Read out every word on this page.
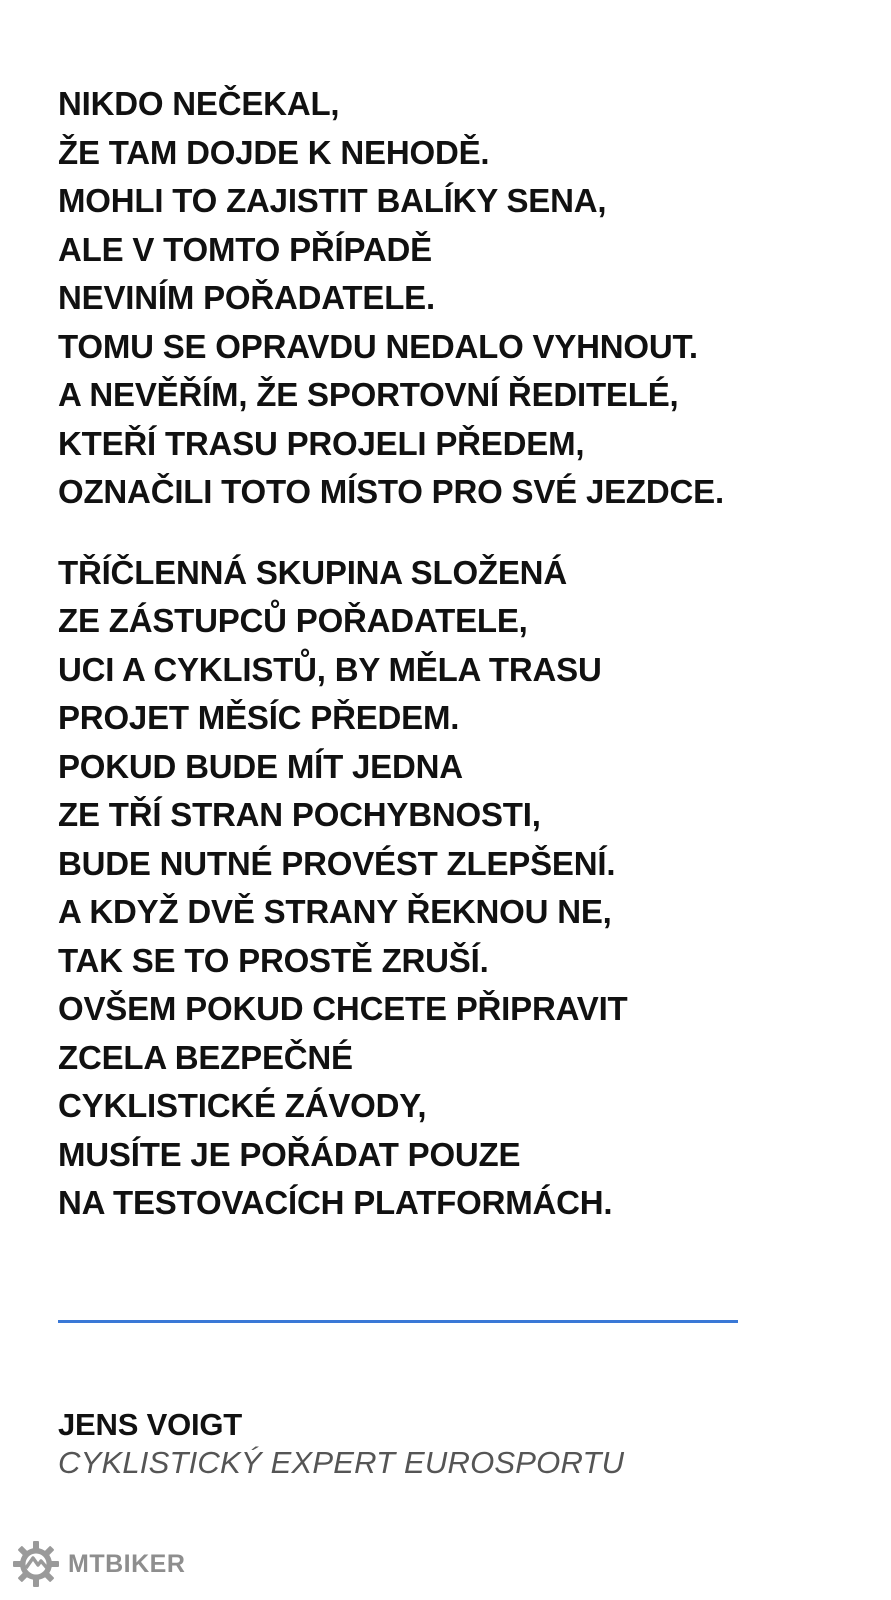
NIKDO NEČEKAL,
ŽE TAM DOJDE K NEHODĚ.
MOHLI TO ZAJISTIT BALÍKY SENA,
ALE V TOMTO PŘÍPADĚ
NEVINÍM POŘADATELE.
TOMU SE OPRAVDU NEDALO VYHNOUT.
A NEVĚŘÍM, ŽE SPORTOVNÍ ŘEDITELÉ,
KTEŘÍ TRASU PROJELI PŘEDEM,
OZNAČILI TOTO MÍSTO PRO SVÉ JEZDCE.

TŘÍČLENNÁ SKUPINA SLOŽENÁ
ZE ZÁSTUPCŮ POŘADATELE,
UCI A CYKLISTŮ, BY MĚLA TRASU
PROJET MĚSÍC PŘEDEM.
POKUD BUDE MÍT JEDNA
ZE TŘÍ STRAN POCHYBNOSTI,
BUDE NUTNÉ PROVÉST ZLEPŠENÍ.
A KDYŽ DVĚ STRANY ŘEKNOU NE,
TAK SE TO PROSTĚ ZRUŠÍ.
OVŠEM POKUD CHCETE PŘIPRAVIT
ZCELA BEZPEČNÉ
CYKLISTICKÉ ZÁVODY,
MUSÍTE JE POŘÁDAT POUZE
NA TESTOVACÍCH PLATFORMÁCH.

JENS VOIGT
CYKLISTICKÝ EXPERT EUROSPORTU
MTBIKER
